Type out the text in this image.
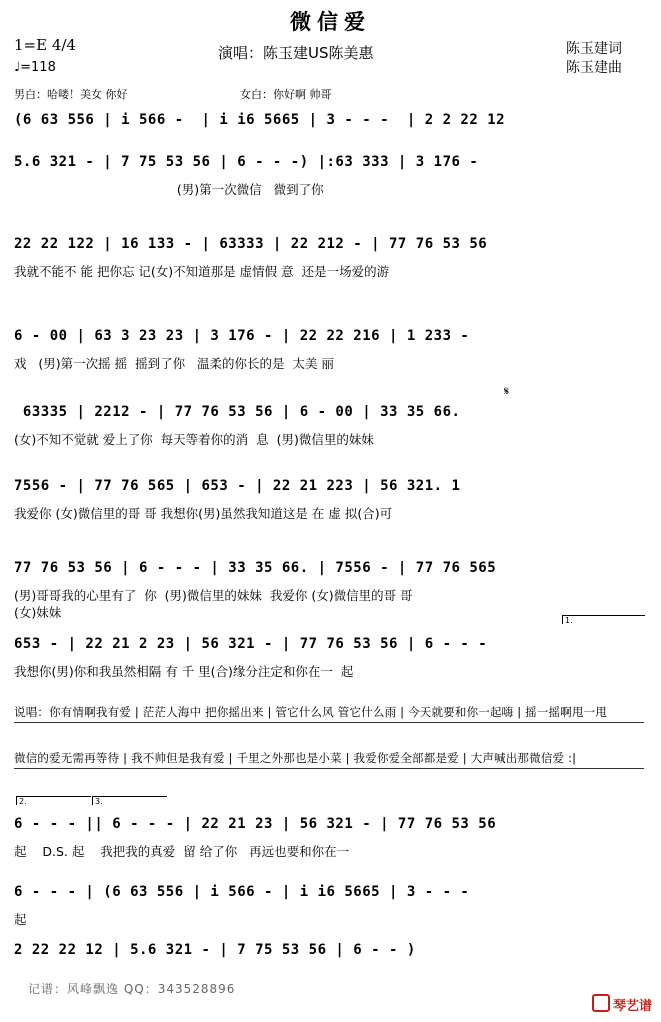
微信爱
1=E 4/4
♩=118
演唱：陈玉建US陈美惠	陈玉建词
陈玉建曲
男白：哈喽！美女 你好	女白：你好啊 帅哥
(6 63 556 | i 566 -  | i i6 5665 | 3 - - -  | 2 2 22 12
5.6 321 - | 7 75 53 56 | 6 - - -) |:63 333 | 3 176 -
(男)第一次微信   微到了你
22 22 122 | 16 133 - | 63333 | 22 212 - | 77 76 53 56
我就不能不 能 把你忘 记(女)不知道那是 虚情假 意  还是一场爱的游
6 - 00 | 63 3 23 23 | 3 176 - | 22 22 216 | 1 233 -
戏   (男)第一次摇 摇  摇到了你   温柔的你长的是  太美 丽
𝄋
63335 | 2212 - | 77 76 53 56 | 6 - 00 | 33 35 66.
(女)不知不觉就 爱上了你  每天等着你的消  息  (男)微信里的妹妹
7556 - | 77 76 565 | 653 - | 22 21 223 | 56 321. 1
我爱你 (女)微信里的哥 哥 我想你(男)虽然我知道这是 在 虚 拟(合)可
77 76 53 56 | 6 - - - | 33 35 66. | 7556 - | 77 76 565
(男)哥哥我的心里有了  你  (男)微信里的妹妹  我爱你 (女)微信里的哥 哥
(女)妹妹
1.
653 - | 22 21 2 23 | 56 321 - | 77 76 53 56 | 6 - - -
我想你(男)你和我虽然相隔 有 千 里(合)缘分注定和你在一  起
说唱：你有情啊我有爱 | 茫茫人海中 把你摇出来 | 管它什么风 管它什么雨 | 今天就要和你一起嗨 | 摇一摇啊甩一甩
微信的爱无需再等待 | 我不帅但是我有爱 | 千里之外那也是小菜 | 我爱你爱全部都是爱 | 大声喊出那微信爱 :|
2.	3.
6 - - - || 6 - - - | 22 21 23 | 56 321 - | 77 76 53 56
起    D.S. 起    我把我的真爱  留 给了你   再远也要和你在一
6 - - - | (6 63 556 | i 566 - | i i6 5665 | 3 - - -
起
2 22 22 12 | 5.6 321 - | 7 75 53 56 | 6 - - )
记谱：风峰飘逸 QQ：343528896
琴艺谱
